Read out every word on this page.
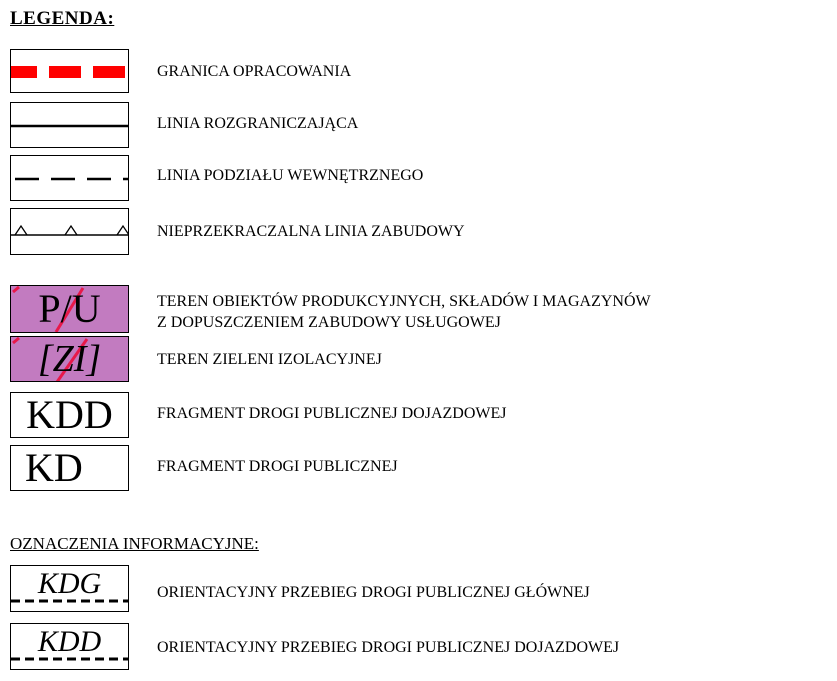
LEGENDA:
GRANICA OPRACOWANIA
LINIA ROZGRANICZAJĄCA
LINIA PODZIAŁU WEWNĘTRZNEGO
NIEPRZEKRACZALNA LINIA ZABUDOWY
P/U	TEREN OBIEKTÓW PRODUKCYJNYCH, SKŁADÓW I MAGAZYNÓW
Z DOPUSZCZENIEM ZABUDOWY USŁUGOWEJ
[ZI]	TEREN ZIELENI IZOLACYJNEJ
KDD	FRAGMENT DROGI PUBLICZNEJ DOJAZDOWEJ
KD	FRAGMENT DROGI PUBLICZNEJ
OZNACZENIA INFORMACYJNE:
KDG	ORIENTACYJNY PRZEBIEG DROGI PUBLICZNEJ GŁÓWNEJ
KDD	ORIENTACYJNY PRZEBIEG DROGI PUBLICZNEJ DOJAZDOWEJ
